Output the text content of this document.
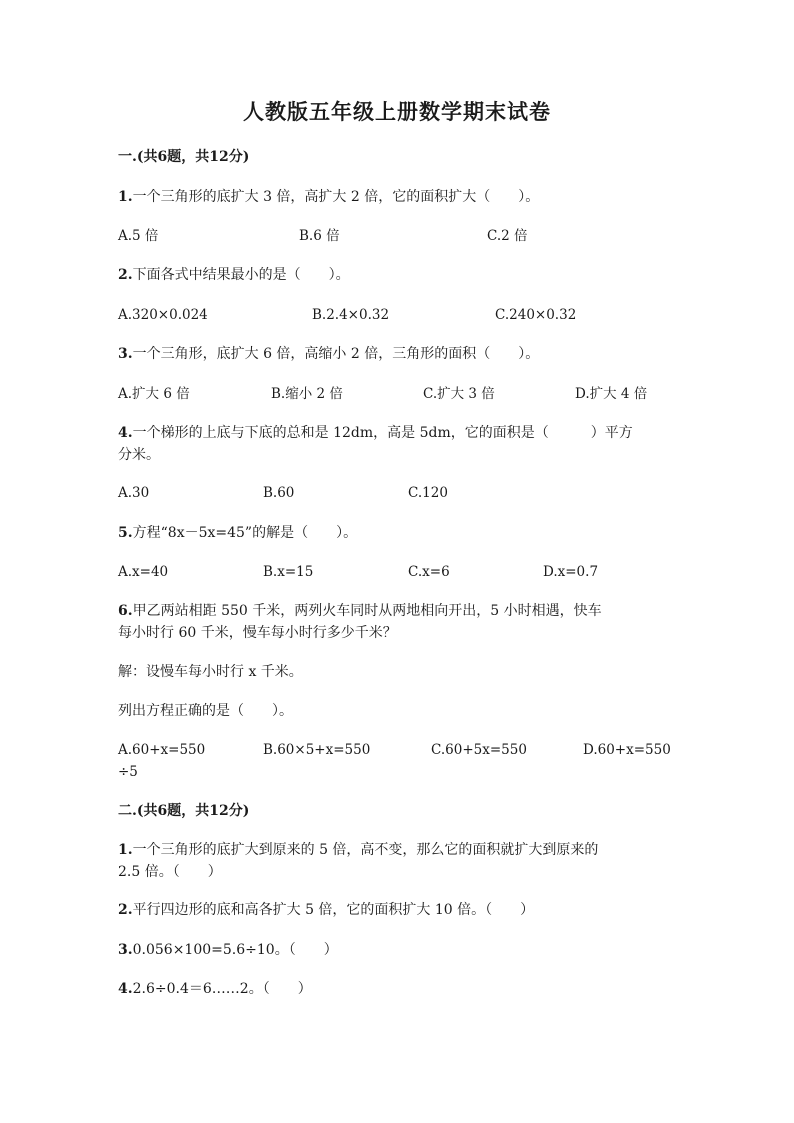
人教版五年级上册数学期末试卷
一.(共6题，共12分)
1.一个三角形的底扩大 3 倍，高扩大 2 倍，它的面积扩大（　　）。
A.5 倍	B.6 倍	C.2 倍
2.下面各式中结果最小的是（　　）。
A.320×0.024	B.2.4×0.32	C.240×0.32
3.一个三角形，底扩大 6 倍，高缩小 2 倍，三角形的面积（　　）。
A.扩大 6 倍	B.缩小 2 倍	C.扩大 3 倍	D.扩大 4 倍
4.一个梯形的上底与下底的总和是 12dm，高是 5dm，它的面积是（　　　）平方
分米。
A.30	B.60	C.120
5.方程“8x－5x=45”的解是（　　）。
A.x=40	B.x=15	C.x=6	D.x=0.7
6.甲乙两站相距 550 千米，两列火车同时从两地相向开出，5 小时相遇，快车
每小时行 60 千米，慢车每小时行多少千米？
解：设慢车每小时行 x 千米。
列出方程正确的是（　　）。
A.60+x=550	B.60×5+x=550	C.60+5x=550	D.60+x=550
÷5
二.(共6题，共12分)
1.一个三角形的底扩大到原来的 5 倍，高不变，那么它的面积就扩大到原来的
2.5 倍。（　　）
2.平行四边形的底和高各扩大 5 倍，它的面积扩大 10 倍。（　　）
3.0.056×100=5.6÷10。（　　）
4.2.6÷0.4＝6……2。（　　）
